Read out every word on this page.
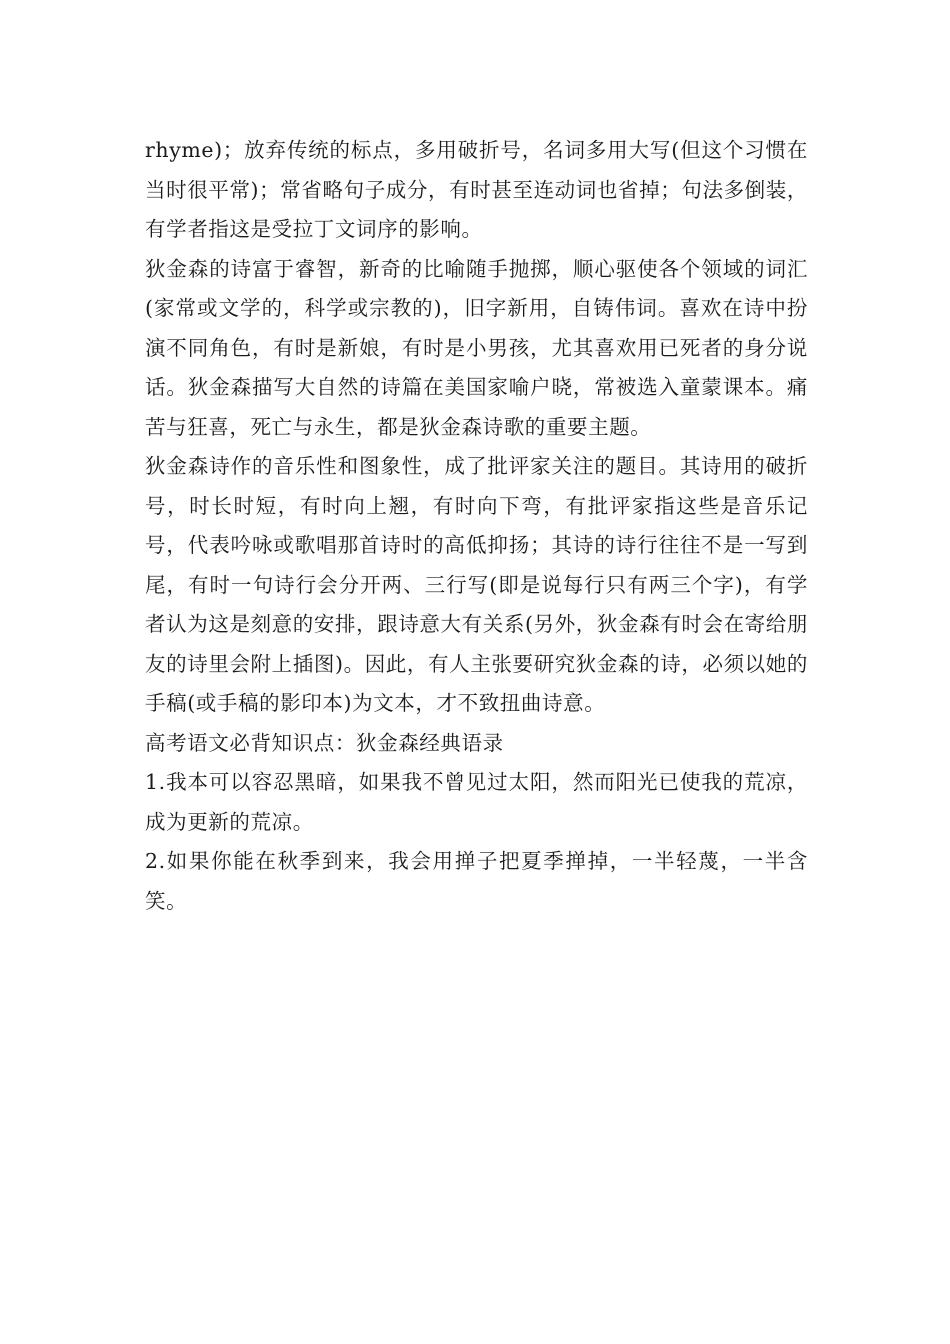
rhyme)；放弃传统的标点，多用破折号，名词多用大写(但这个习惯在当时很平常)；常省略句子成分，有时甚至连动词也省掉；句法多倒装，有学者指这是受拉丁文词序的影响。

狄金森的诗富于睿智，新奇的比喻随手抛掷，顺心驱使各个领域的词汇(家常或文学的，科学或宗教的)，旧字新用，自铸伟词。喜欢在诗中扮演不同角色，有时是新娘，有时是小男孩，尤其喜欢用已死者的身分说话。狄金森描写大自然的诗篇在美国家喻户晓，常被选入童蒙课本。痛苦与狂喜，死亡与永生，都是狄金森诗歌的重要主题。

狄金森诗作的音乐性和图象性，成了批评家关注的题目。其诗用的破折号，时长时短，有时向上翘，有时向下弯，有批评家指这些是音乐记号，代表吟咏或歌唱那首诗时的高低抑扬；其诗的诗行往往不是一写到尾，有时一句诗行会分开两、三行写(即是说每行只有两三个字)，有学者认为这是刻意的安排，跟诗意大有关系(另外，狄金森有时会在寄给朋友的诗里会附上插图)。因此，有人主张要研究狄金森的诗，必须以她的手稿(或手稿的影印本)为文本，才不致扭曲诗意。

高考语文必背知识点：狄金森经典语录

1.我本可以容忍黑暗，如果我不曾见过太阳，然而阳光已使我的荒凉，成为更新的荒凉。

2.如果你能在秋季到来，我会用掸子把夏季掸掉，一半轻蔑，一半含笑。
